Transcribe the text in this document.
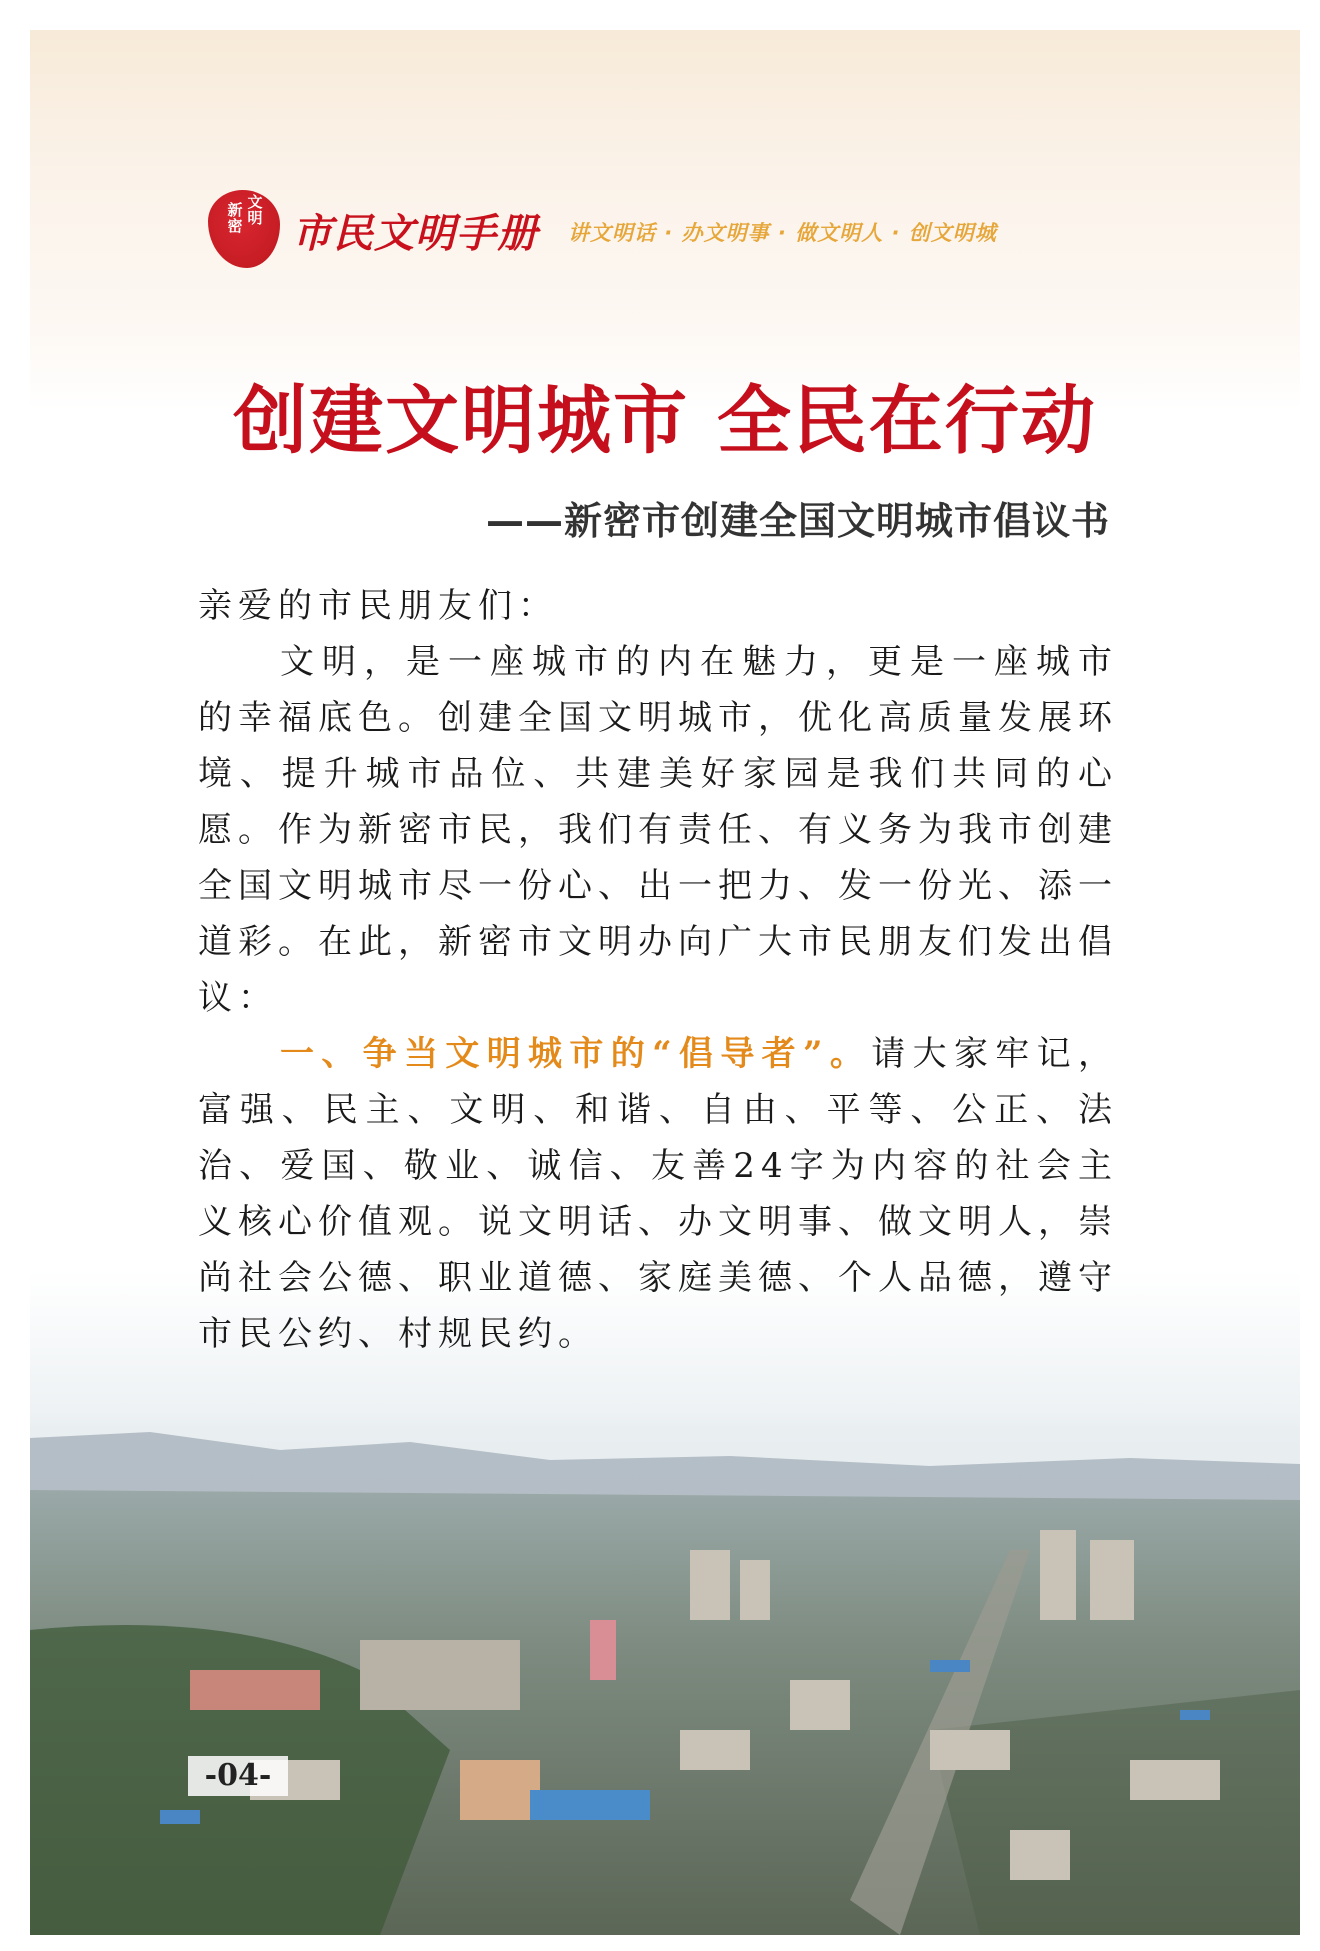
新密
文明 市民文明手册 讲文明话 · 办文明事 · 做文明人 · 创文明城
创建文明城市 全民在行动
——新密市创建全国文明城市倡议书

亲爱的市民朋友们：

文明，是一座城市的内在魅力，更是一座城市的幸福底色。创建全国文明城市，优化高质量发展环境、提升城市品位、共建美好家园是我们共同的心愿。作为新密市民，我们有责任、有义务为我市创建全国文明城市尽一份心、出一把力、发一份光、添一道彩。在此，新密市文明办向广大市民朋友们发出倡议：

一、争当文明城市的“倡导者”。请大家牢记，富强、民主、文明、和谐、自由、平等、公正、法治、爱国、敬业、诚信、友善24字为内容的社会主义核心价值观。说文明话、办文明事、做文明人，崇尚社会公德、职业道德、家庭美德、个人品德，遵守市民公约、村规民约。

-04-
